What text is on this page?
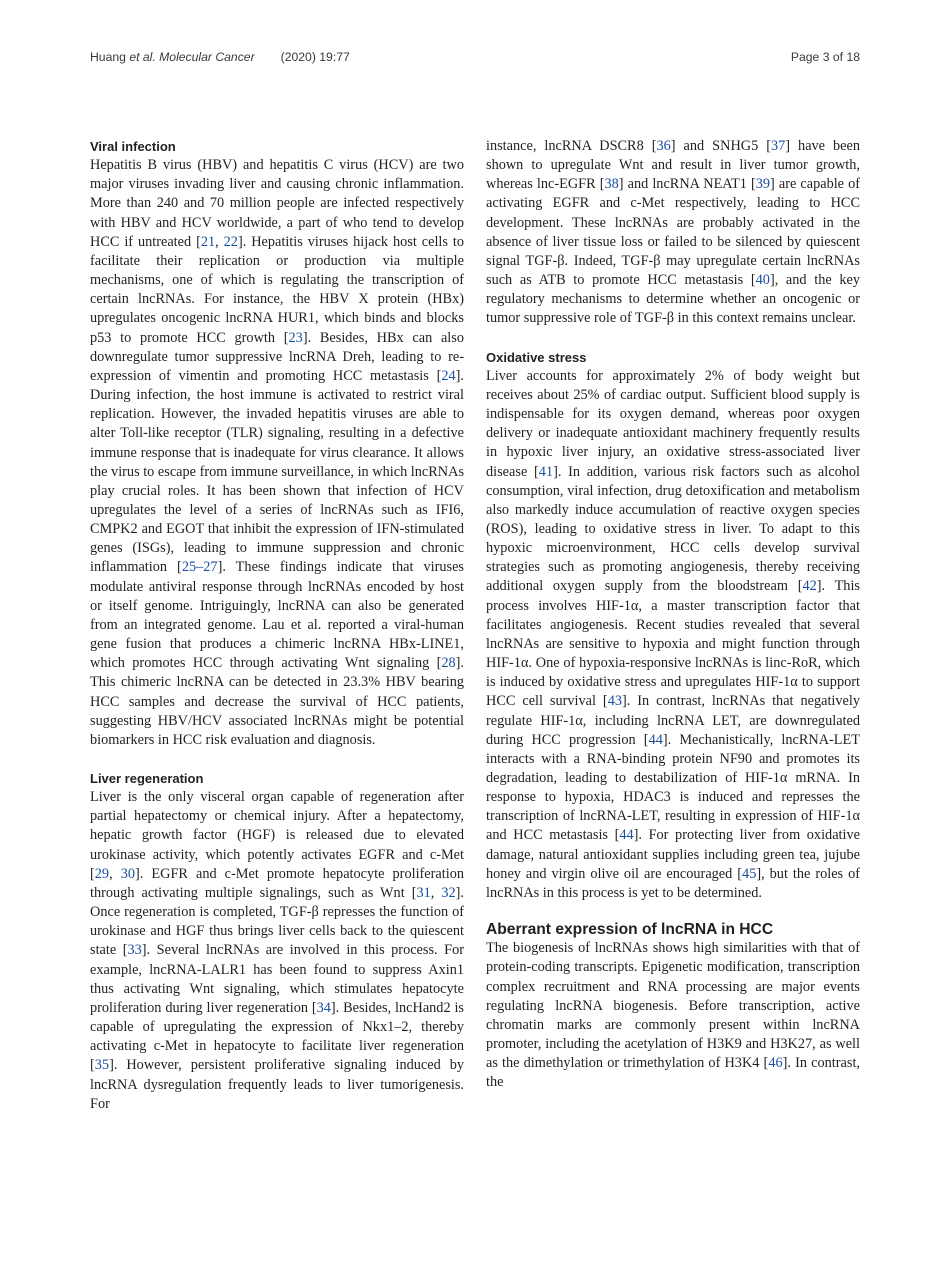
Huang et al. Molecular Cancer (2020) 19:77	Page 3 of 18
Viral infection

Hepatitis B virus (HBV) and hepatitis C virus (HCV) are two major viruses invading liver and causing chronic inflammation. More than 240 and 70 million people are infected respectively with HBV and HCV worldwide, a part of who tend to develop HCC if untreated [21, 22]. Hepatitis viruses hijack host cells to facilitate their replication or production via multiple mechanisms, one of which is regulating the transcription of certain lncRNAs. For instance, the HBV X protein (HBx) upregulates oncogenic lncRNA HUR1, which binds and blocks p53 to promote HCC growth [23]. Besides, HBx can also downregulate tumor suppressive lncRNA Dreh, leading to re-expression of vimentin and promoting HCC metastasis [24]. During infection, the host immune is activated to restrict viral replication. However, the invaded hepatitis viruses are able to alter Toll-like receptor (TLR) signaling, resulting in a defective immune response that is inadequate for virus clearance. It allows the virus to escape from immune surveillance, in which lncRNAs play crucial roles. It has been shown that infection of HCV upregulates the level of a series of lncRNAs such as IFI6, CMPK2 and EGOT that inhibit the expression of IFN-stimulated genes (ISGs), leading to immune suppression and chronic inflammation [25–27]. These findings indicate that viruses modulate antiviral response through lncRNAs encoded by host or itself genome. Intriguingly, lncRNA can also be generated from an integrated genome. Lau et al. reported a viral-human gene fusion that produces a chimeric lncRNA HBx-LINE1, which promotes HCC through activating Wnt signaling [28]. This chimeric lncRNA can be detected in 23.3% HBV bearing HCC samples and decrease the survival of HCC patients, suggesting HBV/HCV associated lncRNAs might be potential biomarkers in HCC risk evaluation and diagnosis.

Liver regeneration

Liver is the only visceral organ capable of regeneration after partial hepatectomy or chemical injury. After a hepatectomy, hepatic growth factor (HGF) is released due to elevated urokinase activity, which potently activates EGFR and c-Met [29, 30]. EGFR and c-Met promote hepatocyte proliferation through activating multiple signalings, such as Wnt [31, 32]. Once regeneration is completed, TGF-β represses the function of urokinase and HGF thus brings liver cells back to the quiescent state [33]. Several lncRNAs are involved in this process. For example, lncRNA-LALR1 has been found to suppress Axin1 thus activating Wnt signaling, which stimulates hepatocyte proliferation during liver regeneration [34]. Besides, lncHand2 is capable of upregulating the expression of Nkx1–2, thereby activating c-Met in hepatocyte to facilitate liver regeneration [35]. However, persistent proliferative signaling induced by lncRNA dysregulation frequently leads to liver tumorigenesis. For

instance, lncRNA DSCR8 [36] and SNHG5 [37] have been shown to upregulate Wnt and result in liver tumor growth, whereas lnc-EGFR [38] and lncRNA NEAT1 [39] are capable of activating EGFR and c-Met respectively, leading to HCC development. These lncRNAs are probably activated in the absence of liver tissue loss or failed to be silenced by quiescent signal TGF-β. Indeed, TGF-β may upregulate certain lncRNAs such as ATB to promote HCC metastasis [40], and the key regulatory mechanisms to determine whether an oncogenic or tumor suppressive role of TGF-β in this context remains unclear.

Oxidative stress

Liver accounts for approximately 2% of body weight but receives about 25% of cardiac output. Sufficient blood supply is indispensable for its oxygen demand, whereas poor oxygen delivery or inadequate antioxidant machinery frequently results in hypoxic liver injury, an oxidative stress-associated liver disease [41]. In addition, various risk factors such as alcohol consumption, viral infection, drug detoxification and metabolism also markedly induce accumulation of reactive oxygen species (ROS), leading to oxidative stress in liver. To adapt to this hypoxic microenvironment, HCC cells develop survival strategies such as promoting angiogenesis, thereby receiving additional oxygen supply from the bloodstream [42]. This process involves HIF-1α, a master transcription factor that facilitates angiogenesis. Recent studies revealed that several lncRNAs are sensitive to hypoxia and might function through HIF-1α. One of hypoxia-responsive lncRNAs is linc-RoR, which is induced by oxidative stress and upregulates HIF-1α to support HCC cell survival [43]. In contrast, lncRNAs that negatively regulate HIF-1α, including lncRNA LET, are downregulated during HCC progression [44]. Mechanistically, lncRNA-LET interacts with a RNA-binding protein NF90 and promotes its degradation, leading to destabilization of HIF-1α mRNA. In response to hypoxia, HDAC3 is induced and represses the transcription of lncRNA-LET, resulting in expression of HIF-1α and HCC metastasis [44]. For protecting liver from oxidative damage, natural antioxidant supplies including green tea, jujube honey and virgin olive oil are encouraged [45], but the roles of lncRNAs in this process is yet to be determined.

Aberrant expression of lncRNA in HCC

The biogenesis of lncRNAs shows high similarities with that of protein-coding transcripts. Epigenetic modification, transcription complex recruitment and RNA processing are major events regulating lncRNA biogenesis. Before transcription, active chromatin marks are commonly present within lncRNA promoter, including the acetylation of H3K9 and H3K27, as well as the dimethylation or trimethylation of H3K4 [46]. In contrast, the
